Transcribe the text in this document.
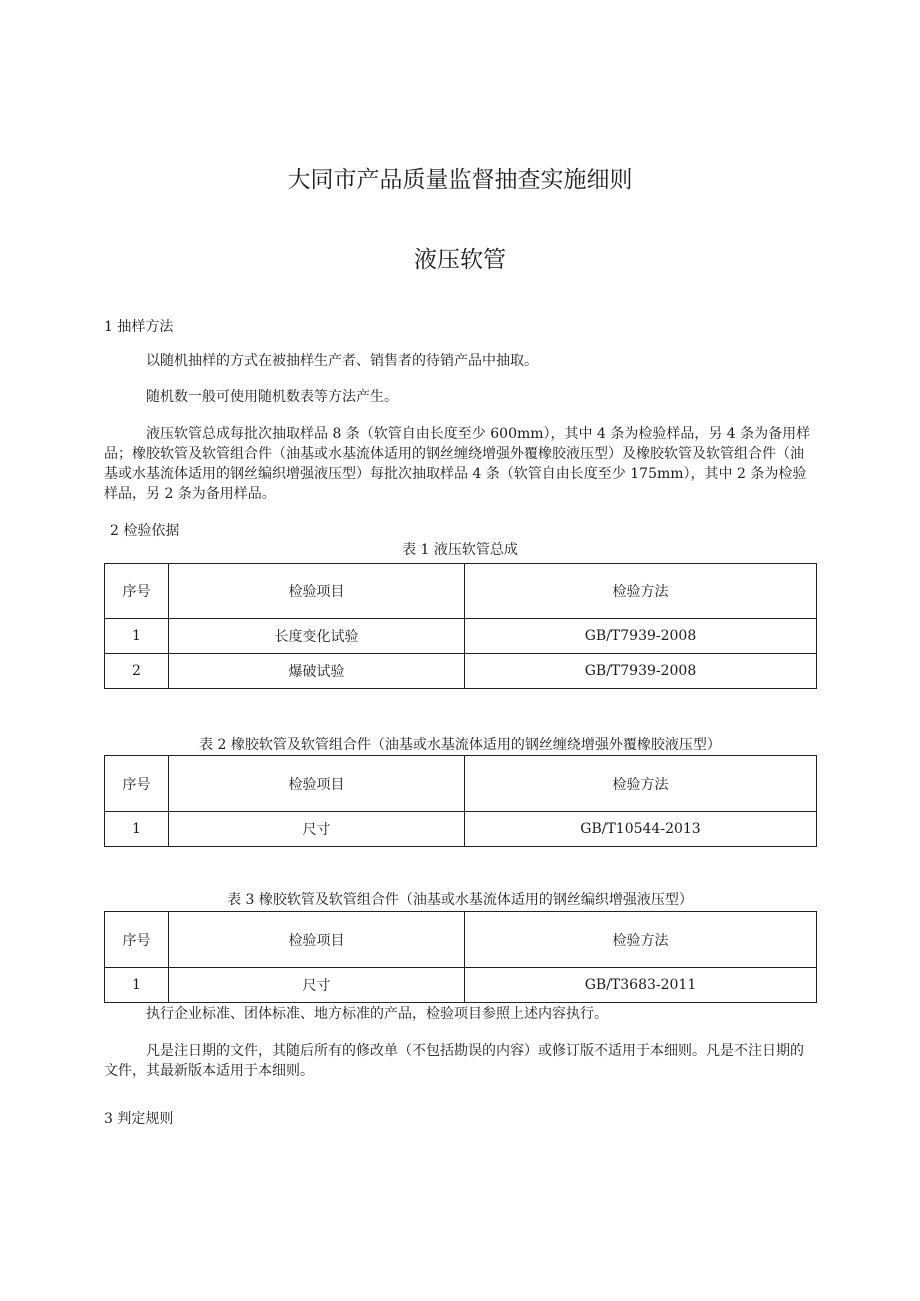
大同市产品质量监督抽查实施细则
液压软管
1 抽样方法
以随机抽样的方式在被抽样生产者、销售者的待销产品中抽取。
随机数一般可使用随机数表等方法产生。
液压软管总成每批次抽取样品 8 条（软管自由长度至少 600mm），其中 4 条为检验样品，另 4 条为备用样品；橡胶软管及软管组合件（油基或水基流体适用的钢丝缠绕增强外覆橡胶液压型）及橡胶软管及软管组合件（油基或水基流体适用的钢丝编织增强液压型）每批次抽取样品 4 条（软管自由长度至少 175mm），其中 2 条为检验样品，另 2 条为备用样品。
2 检验依据
表 1 液压软管总成
序号	检验项目	检验方法
1	长度变化试验	GB/T7939-2008
2	爆破试验	GB/T7939-2008
表 2 橡胶软管及软管组合件（油基或水基流体适用的钢丝缠绕增强外覆橡胶液压型）
序号	检验项目	检验方法
1	尺寸	GB/T10544-2013
表 3 橡胶软管及软管组合件（油基或水基流体适用的钢丝编织增强液压型）
序号	检验项目	检验方法
1	尺寸	GB/T3683-2011
执行企业标准、团体标准、地方标准的产品，检验项目参照上述内容执行。
凡是注日期的文件，其随后所有的修改单（不包括勘误的内容）或修订版不适用于本细则。凡是不注日期的文件，其最新版本适用于本细则。
3 判定规则
